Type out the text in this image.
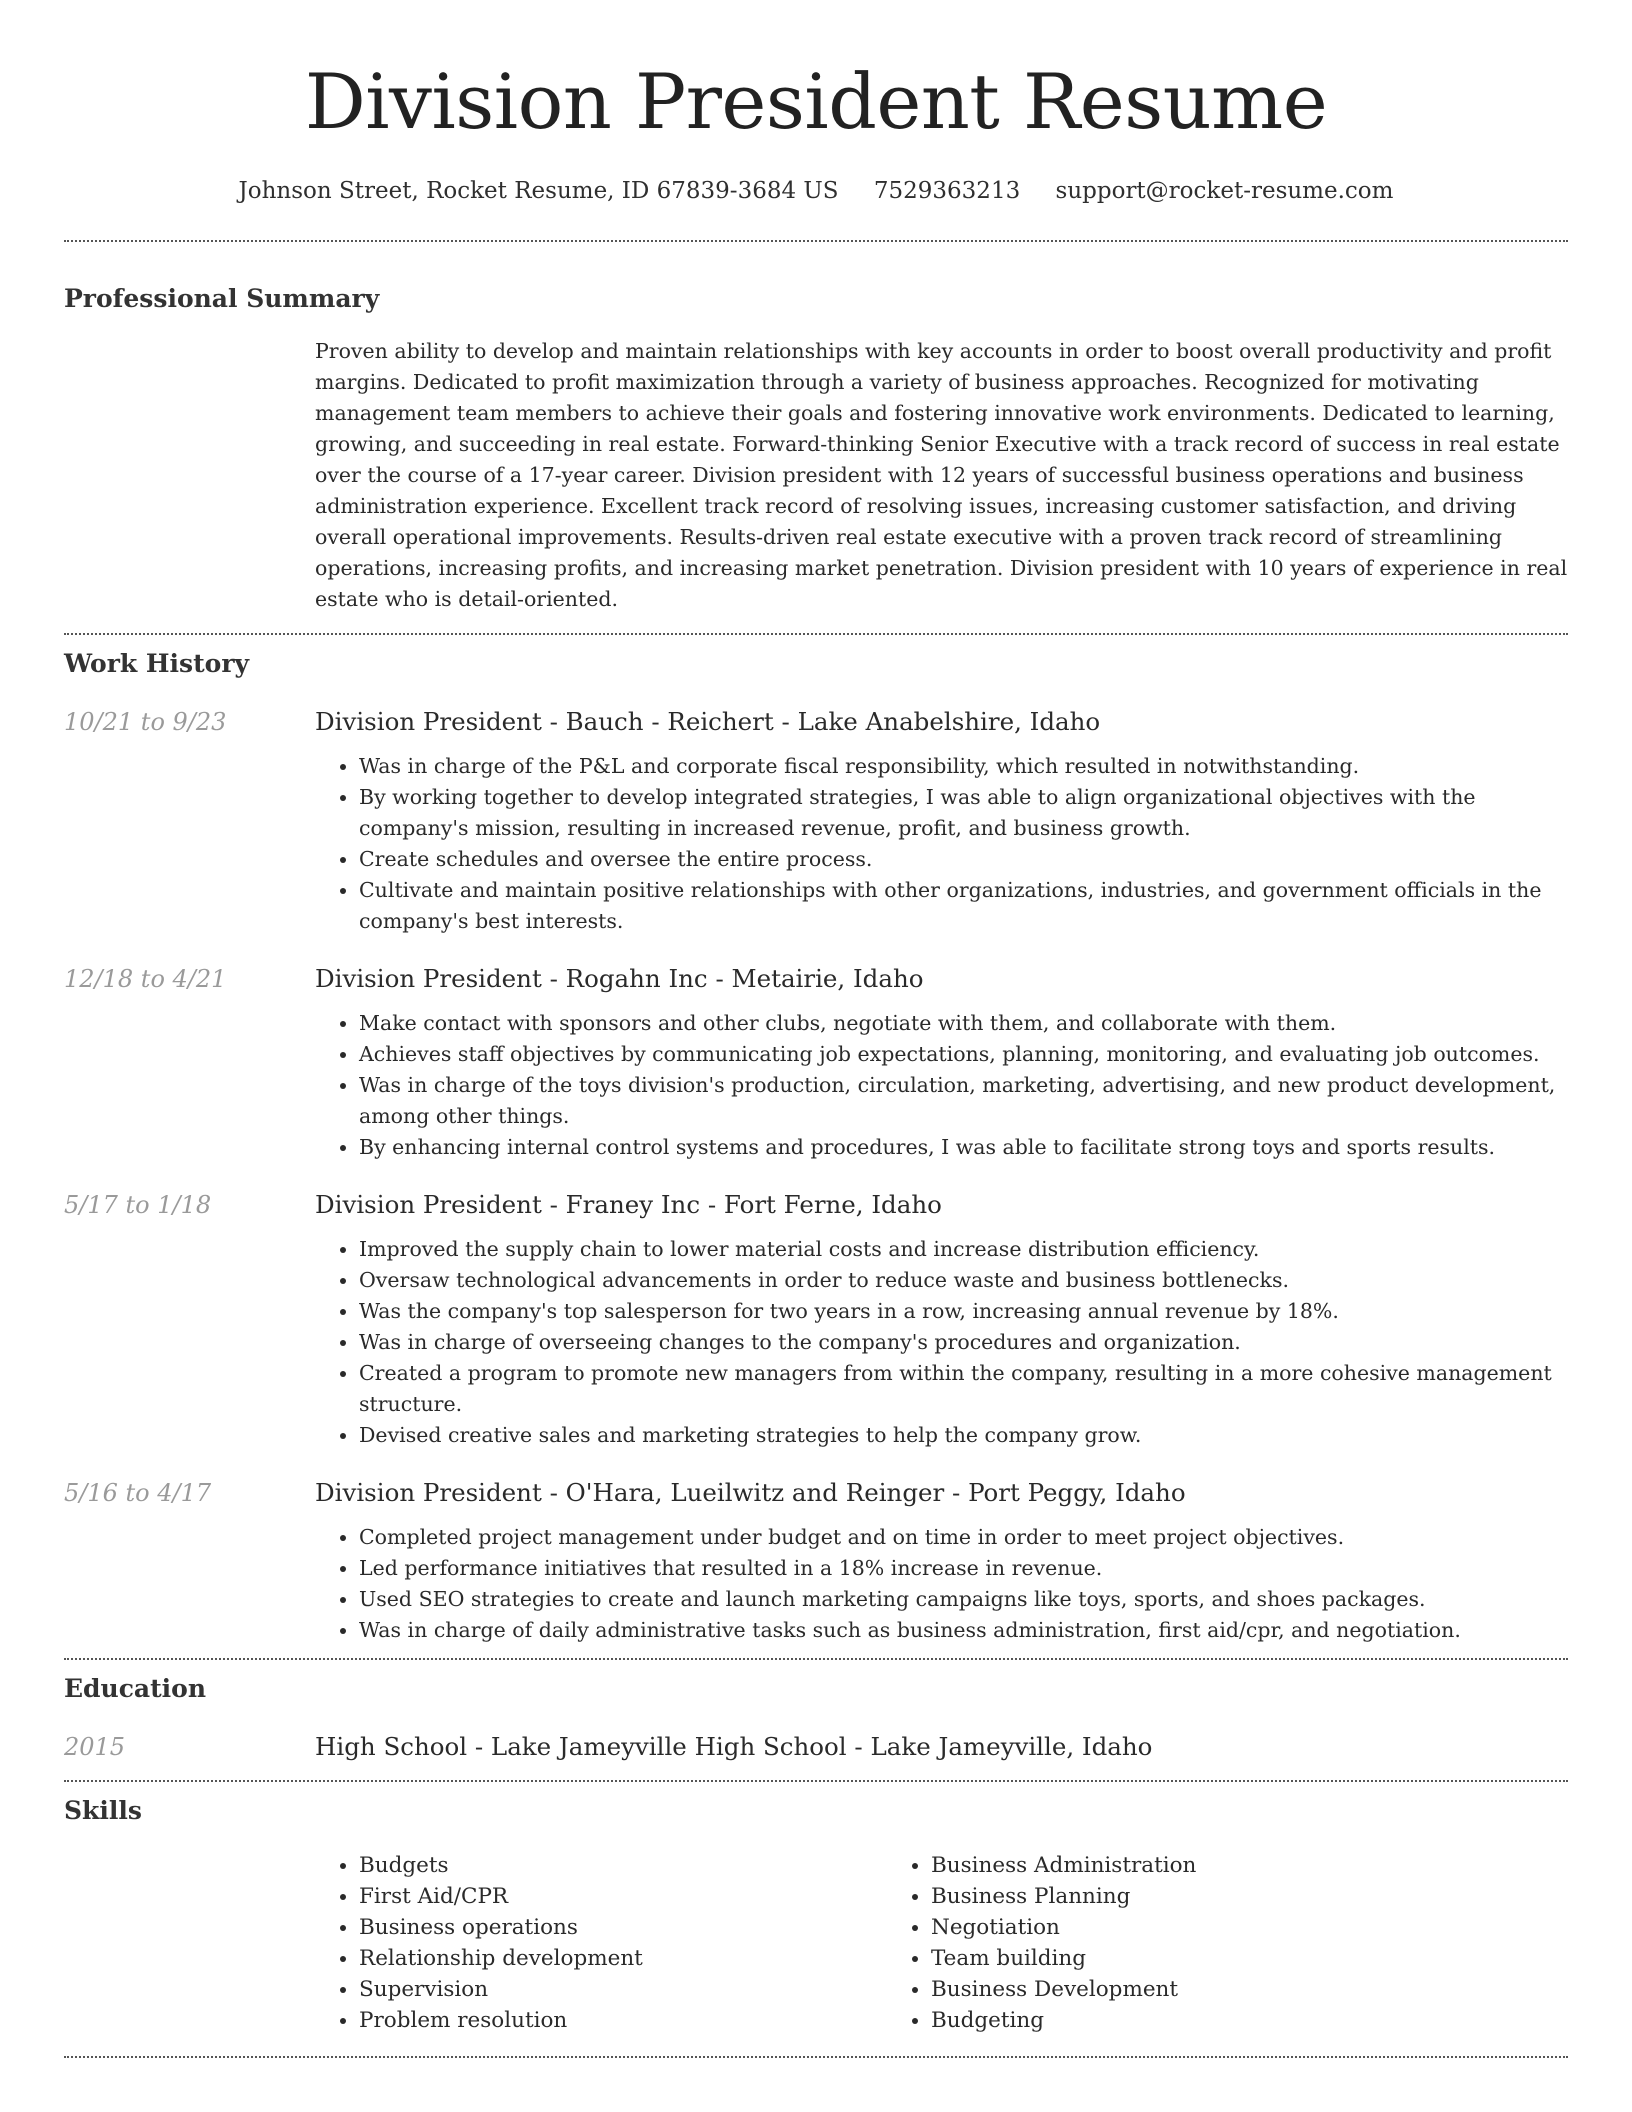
Division President Resume
Johnson Street, Rocket Resume, ID 67839-3684 US 7529363213 support@rocket-resume.com
Professional Summary

Proven ability to develop and maintain relationships with key accounts in order to boost overall productivity and profit margins. Dedicated to profit maximization through a variety of business approaches. Recognized for motivating management team members to achieve their goals and fostering innovative work environments. Dedicated to learning, growing, and succeeding in real estate. Forward-thinking Senior Executive with a track record of success in real estate over the course of a 17-year career. Division president with 12 years of successful business operations and business administration experience. Excellent track record of resolving issues, increasing customer satisfaction, and driving overall operational improvements. Results-driven real estate executive with a proven track record of streamlining operations, increasing profits, and increasing market penetration. Division president with 10 years of experience in real estate who is detail-oriented.

Work History
10/21 to 9/23	Division President - Bauch - Reichert - Lake Anabelshire, Idaho
• Was in charge of the P&L and corporate fiscal responsibility, which resulted in notwithstanding.
• By working together to develop integrated strategies, I was able to align organizational objectives with the company's mission, resulting in increased revenue, profit, and business growth.
• Create schedules and oversee the entire process.
• Cultivate and maintain positive relationships with other organizations, industries, and government officials in the company's best interests.
12/18 to 4/21	Division President - Rogahn Inc - Metairie, Idaho
• Make contact with sponsors and other clubs, negotiate with them, and collaborate with them.
• Achieves staff objectives by communicating job expectations, planning, monitoring, and evaluating job outcomes.
• Was in charge of the toys division's production, circulation, marketing, advertising, and new product development, among other things.
• By enhancing internal control systems and procedures, I was able to facilitate strong toys and sports results.
5/17 to 1/18	Division President - Franey Inc - Fort Ferne, Idaho
• Improved the supply chain to lower material costs and increase distribution efficiency.
• Oversaw technological advancements in order to reduce waste and business bottlenecks.
• Was the company's top salesperson for two years in a row, increasing annual revenue by 18%.
• Was in charge of overseeing changes to the company's procedures and organization.
• Created a program to promote new managers from within the company, resulting in a more cohesive management structure.
• Devised creative sales and marketing strategies to help the company grow.
5/16 to 4/17	Division President - O'Hara, Lueilwitz and Reinger - Port Peggy, Idaho
• Completed project management under budget and on time in order to meet project objectives.
• Led performance initiatives that resulted in a 18% increase in revenue.
• Used SEO strategies to create and launch marketing campaigns like toys, sports, and shoes packages.
• Was in charge of daily administrative tasks such as business administration, first aid/cpr, and negotiation.
Education
2015	High School - Lake Jameyville High School - Lake Jameyville, Idaho
Skills
• Budgets
• First Aid/CPR
• Business operations
• Relationship development
• Supervision
• Problem resolution
• Business Administration
• Business Planning
• Negotiation
• Team building
• Business Development
• Budgeting
